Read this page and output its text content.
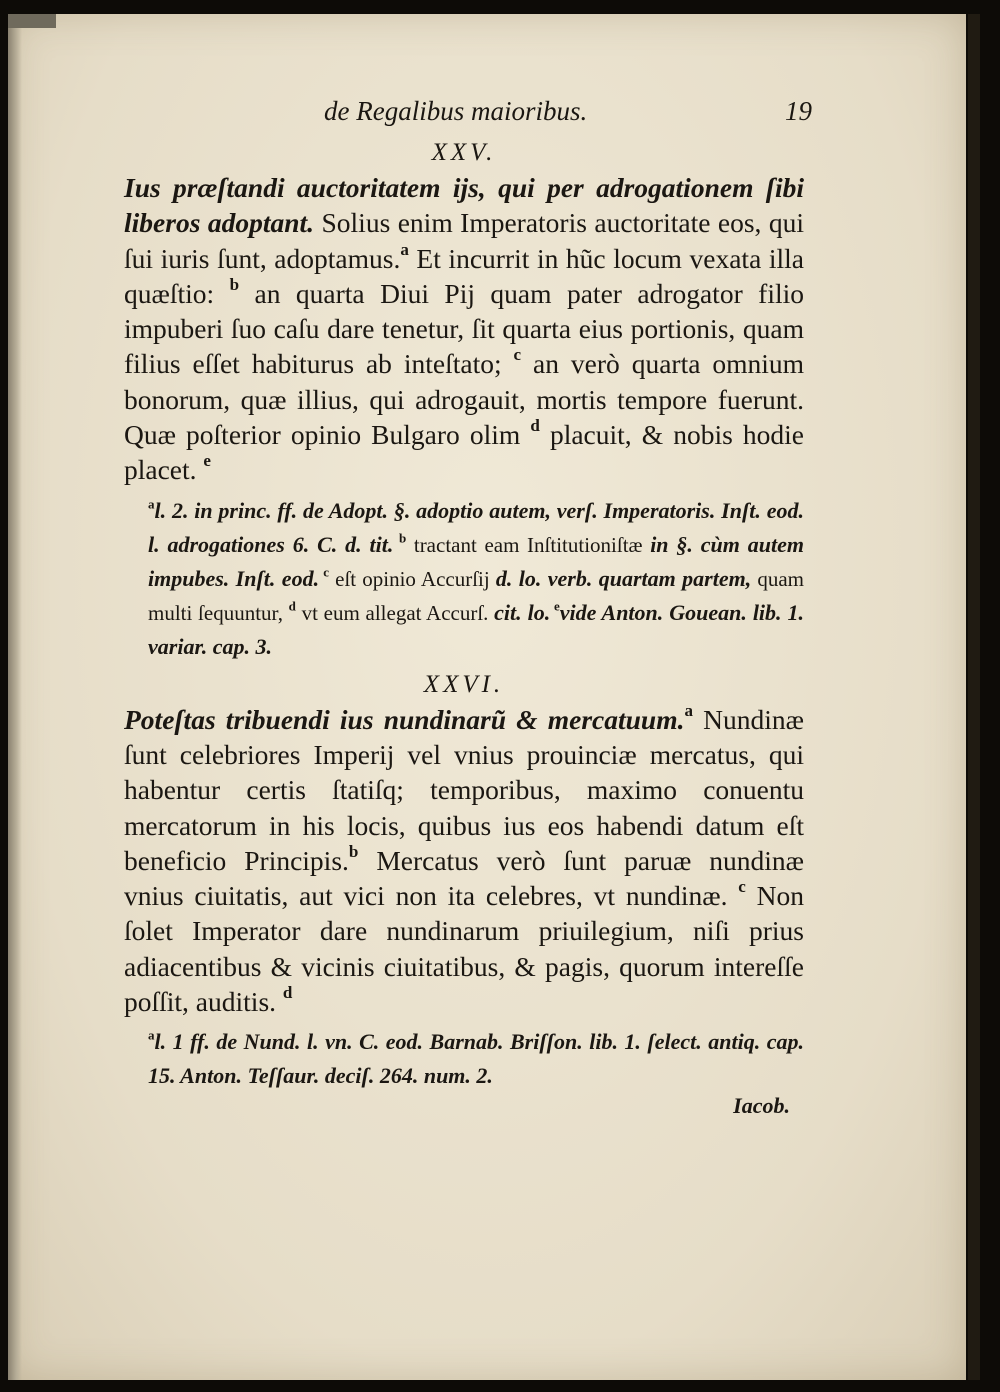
de Regalibus maioribus.	19
XXV.
Ius præſtandi auctoritatem ijs, qui per adrogationem ſibi liberos adoptant. Solius enim Imperatoris auctoritate eos, qui ſui iuris ſunt, adoptamus.$^a$ Et incurrit in hũc locum vexata illa quæſtio: $^b$ an quarta Diui Pij quam pater adrogator filio impuberi ſuo caſu dare tenetur, ſit quarta eius portionis, quam filius eſſet habiturus ab inteſtato; $^c$ an verò quarta omnium bonorum, quæ illius, qui adrogauit, mortis tempore fuerunt. Quæ poſterior opinio Bulgaro olim $^d$ placuit, & nobis hodie placet. $^e$
$^a$l. 2. in princ. ff. de Adopt. §. adoptio autem, verſ. Imperatoris. Inſt. eod. l. adrogationes 6. C. d. tit. $^b$ tractant eam Inſtitutioniſtæ in §. cùm autem impubes. Inſt. eod. $^c$ eſt opinio Accurſij d. lo. verb. quartam partem, quam multi ſequuntur, $^d$ vt eum allegat Accurſ. cit. lo. $^e$vide Anton. Gouean. lib. 1. variar. cap. 3.
XXVI.
Poteſtas tribuendi ius nundinarũ & mercatuum.$^a$ Nundinæ ſunt celebriores Imperij vel vnius prouinciæ mercatus, qui habentur certis ſtatiſq; temporibus, maximo conuentu mercatorum in his locis, quibus ius eos habendi datum eſt beneficio Principis.$^b$ Mercatus verò ſunt paruæ nundinæ vnius ciuitatis, aut vici non ita celebres, vt nundinæ. $^c$ Non ſolet Imperator dare nundinarum priuilegium, niſi prius adiacentibus & vicinis ciuitatibus, & pagis, quorum intereſſe poſſit, auditis. $^d$
$^a$l. 1 ff. de Nund. l. vn. C. eod. Barnab. Briſſon. lib. 1. ſelect. antiq. cap. 15. Anton. Teſſaur. deciſ. 264. num. 2.
Iacob.
